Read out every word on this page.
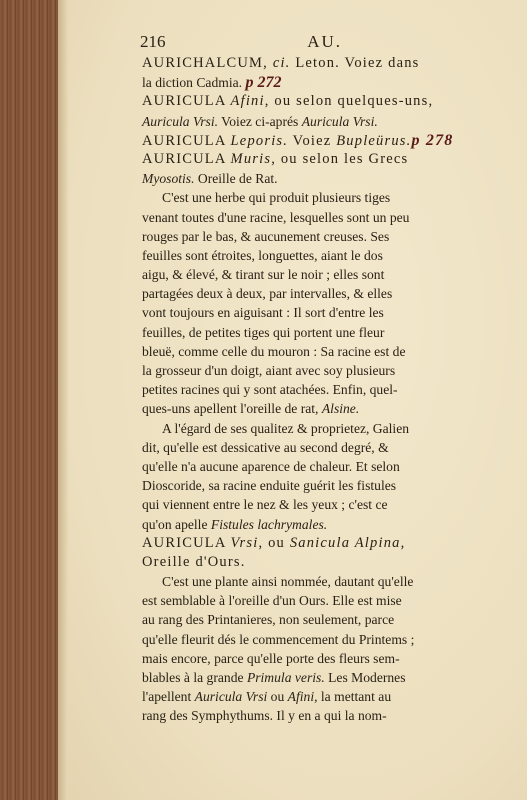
216	AU.
AURICHALCUM, ci. Leton. Voiez dans
la diction Cadmia. p 272
AURICULA Afini, ou selon quelques-uns,
Auricula Vrsi. Voiez ci-aprés Auricula Vrsi.
AURICULA Leporis. Voiez Bupleürus.p 278
AURICULA Muris, ou selon les Grecs
Myosotis. Oreille de Rat.
C'est une herbe qui produit plusieurs tiges
venant toutes d'une racine, lesquelles sont un peu
rouges par le bas, & aucunement creuses. Ses
feuilles sont étroites, longuettes, aiant le dos
aigu, & élevé, & tirant sur le noir ; elles sont
partagées deux à deux, par intervalles, & elles
vont toujours en aiguisant : Il sort d'entre les
feuilles, de petites tiges qui portent une fleur
bleuë, comme celle du mouron : Sa racine est de
la grosseur d'un doigt, aiant avec soy plusieurs
petites racines qui y sont atachées. Enfin, quel-
ques-uns apellent l'oreille de rat, Alsine.
A l'égard de ses qualitez & proprietez, Galien
dit, qu'elle est dessicative au second degré, &
qu'elle n'a aucune aparence de chaleur. Et selon
Dioscoride, sa racine enduite guérit les fistules
qui viennent entre le nez & les yeux ; c'est ce
qu'on apelle Fistules lachrymales.
AURICULA Vrsi, ou Sanicula Alpina,
Oreille d'Ours.
C'est une plante ainsi nommée, dautant qu'elle
est semblable à l'oreille d'un Ours. Elle est mise
au rang des Printanieres, non seulement, parce
qu'elle fleurit dés le commencement du Printems ;
mais encore, parce qu'elle porte des fleurs sem-
blables à la grande Primula veris. Les Modernes
l'apellent Auricula Vrsi ou Afini, la mettant au
rang des Symphythums. Il y en a qui la nom-
